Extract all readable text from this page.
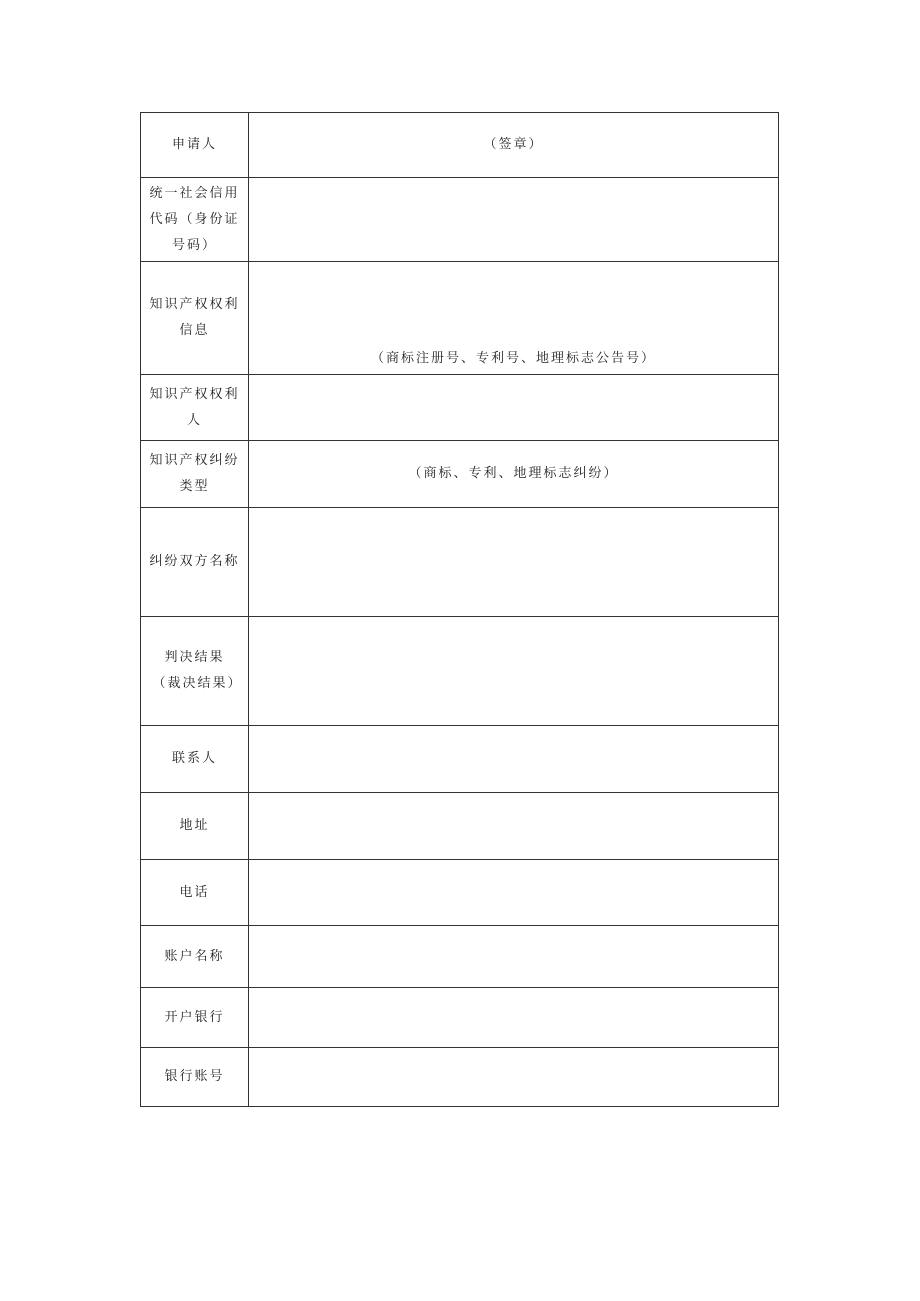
申请人	（签章）
统一社会信用代码（身份证号码）	
知识产权权利信息	（商标注册号、专利号、地理标志公告号）

知识产权权利人	
知识产权纠纷类型	（商标、专利、地理标志纠纷）

纠纷双方名称	
判决结果（裁决结果）	
联系人	
地址	
电话	
账户名称	
开户银行	
银行账号	
